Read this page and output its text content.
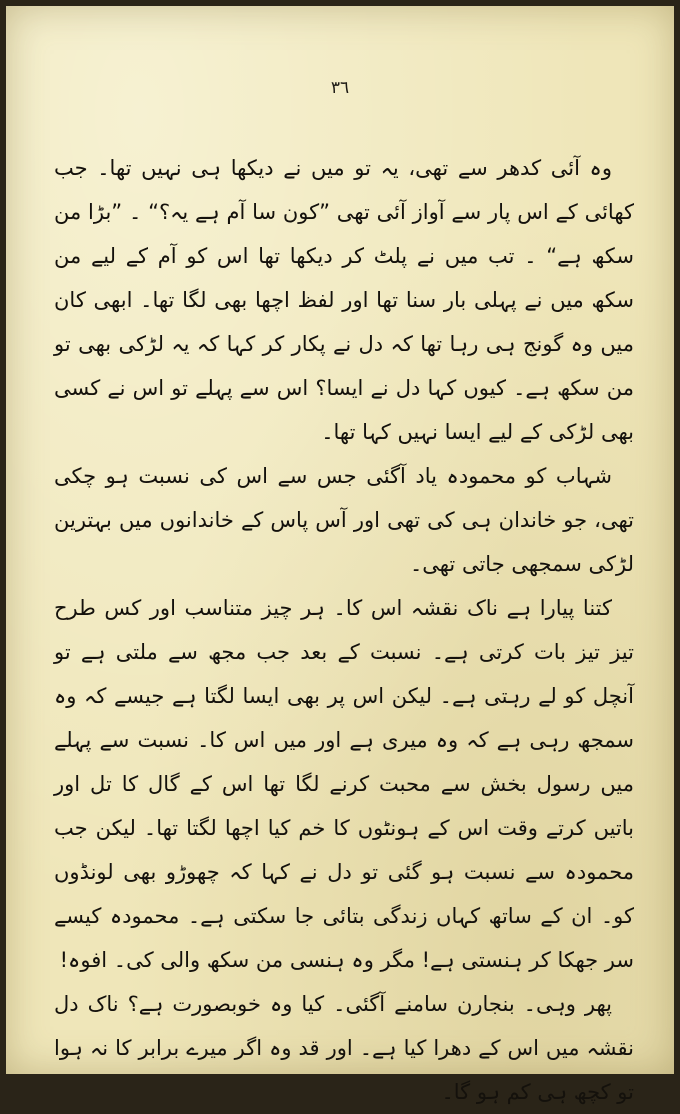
٣٦

وہ آئی کدھر سے تھی، یہ تو میں نے دیکھا ہی نہیں تھا۔ جب کھائی کے اس پار سے آواز آئی تھی ”کون سا آم ہے یہ؟“ ۔ ”بڑا من سکھ ہے“ ۔ تب میں نے پلٹ کر دیکھا تھا اس کو آم کے لیے من سکھ میں نے پہلی بار سنا تھا اور لفظ اچھا بھی لگا تھا۔ ابھی کان میں وہ گونج ہی رہا تھا کہ دل نے پکار کر کہا کہ یہ لڑکی بھی تو من سکھ ہے۔ کیوں کہا دل نے ایسا؟ اس سے پہلے تو اس نے کسی بھی لڑکی کے لیے ایسا نہیں کہا تھا۔

شہاب کو محمودہ یاد آگئی جس سے اس کی نسبت ہو چکی تھی، جو خاندان ہی کی تھی اور آس پاس کے خاندانوں میں بہترین لڑکی سمجھی جاتی تھی۔

کتنا پیارا ہے ناک نقشہ اس کا۔ ہر چیز متناسب اور کس طرح تیز تیز بات کرتی ہے۔ نسبت کے بعد جب مجھ سے ملتی ہے تو آنچل کو لے رہتی ہے۔ لیکن اس پر بھی ایسا لگتا ہے جیسے کہ وہ سمجھ رہی ہے کہ وہ میری ہے اور میں اس کا۔ نسبت سے پہلے میں رسول بخش سے محبت کرنے لگا تھا اس کے گال کا تل اور باتیں کرتے وقت اس کے ہونٹوں کا خم کیا اچھا لگتا تھا۔ لیکن جب محمودہ سے نسبت ہو گئی تو دل نے کہا کہ چھوڑو بھی لونڈوں کو۔ ان کے ساتھ کہاں زندگی بتائی جا سکتی ہے۔ محمودہ کیسے سر جھکا کر ہنستی ہے! مگر وہ ہنسی من سکھ والی کی۔ افوہ!

پھر وہی۔ بنجارن سامنے آگئی۔ کیا وہ خوبصورت ہے؟ ناک دل نقشہ میں اس کے دھرا کیا ہے۔ اور قد وہ اگر میرے برابر کا نہ ہوا تو کچھ ہی کم ہو گا۔
